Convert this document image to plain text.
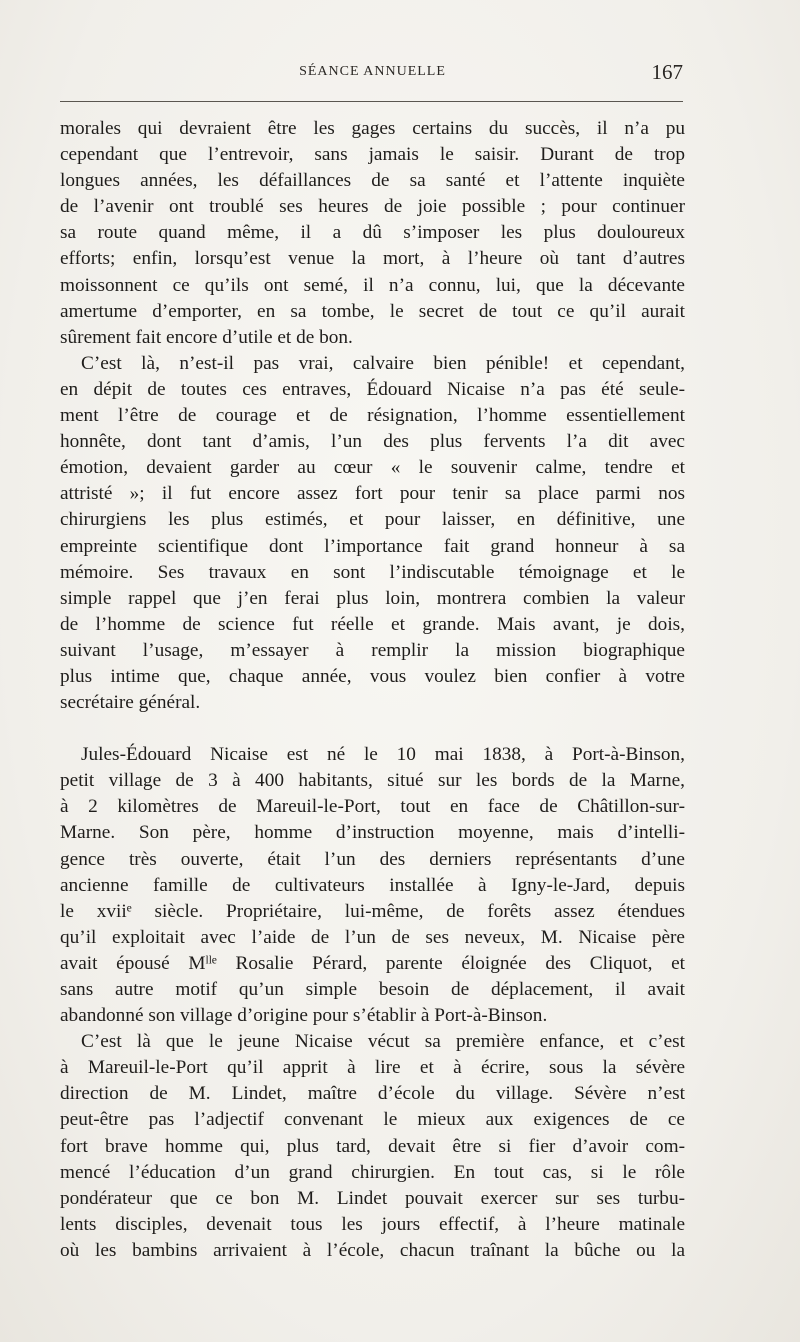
SÉANCE ANNUELLE	167

morales qui devraient être les gages certains du succès, il n’a pu
cependant que l’entrevoir, sans jamais le saisir. Durant de trop
longues années, les défaillances de sa santé et l’attente inquiète
de l’avenir ont troublé ses heures de joie possible ; pour continuer
sa route quand même, il a dû s’imposer les plus douloureux
efforts; enfin, lorsqu’est venue la mort, à l’heure où tant d’autres
moissonnent ce qu’ils ont semé, il n’a connu, lui, que la décevante
amertume d’emporter, en sa tombe, le secret de tout ce qu’il aurait
sûrement fait encore d’utile et de bon.

C’est là, n’est-il pas vrai, calvaire bien pénible! et cependant,
en dépit de toutes ces entraves, Édouard Nicaise n’a pas été seule-
ment l’être de courage et de résignation, l’homme essentiellement
honnête, dont tant d’amis, l’un des plus fervents l’a dit avec
émotion, devaient garder au cœur « le souvenir calme, tendre et
attristé »; il fut encore assez fort pour tenir sa place parmi nos
chirurgiens les plus estimés, et pour laisser, en définitive, une
empreinte scientifique dont l’importance fait grand honneur à sa
mémoire. Ses travaux en sont l’indiscutable témoignage et le
simple rappel que j’en ferai plus loin, montrera combien la valeur
de l’homme de science fut réelle et grande. Mais avant, je dois,
suivant l’usage, m’essayer à remplir la mission biographique
plus intime que, chaque année, vous voulez bien confier à votre
secrétaire général.

Jules-Édouard Nicaise est né le 10 mai 1838, à Port-à-Binson,
petit village de 3 à 400 habitants, situé sur les bords de la Marne,
à 2 kilomètres de Mareuil-le-Port, tout en face de Châtillon-sur-
Marne. Son père, homme d’instruction moyenne, mais d’intelli-
gence très ouverte, était l’un des derniers représentants d’une
ancienne famille de cultivateurs installée à Igny-le-Jard, depuis
le xviiᵉ siècle. Propriétaire, lui-même, de forêts assez étendues
qu’il exploitait avec l’aide de l’un de ses neveux, M. Nicaise père
avait épousé Mˡˡᵉ Rosalie Pérard, parente éloignée des Cliquot, et
sans autre motif qu’un simple besoin de déplacement, il avait
abandonné son village d’origine pour s’établir à Port-à-Binson.

C’est là que le jeune Nicaise vécut sa première enfance, et c’est
à Mareuil-le-Port qu’il apprit à lire et à écrire, sous la sévère
direction de M. Lindet, maître d’école du village. Sévère n’est
peut-être pas l’adjectif convenant le mieux aux exigences de ce
fort brave homme qui, plus tard, devait être si fier d’avoir com-
mencé l’éducation d’un grand chirurgien. En tout cas, si le rôle
pondérateur que ce bon M. Lindet pouvait exercer sur ses turbu-
lents disciples, devenait tous les jours effectif, à l’heure matinale
où les bambins arrivaient à l’école, chacun traînant la bûche ou la
